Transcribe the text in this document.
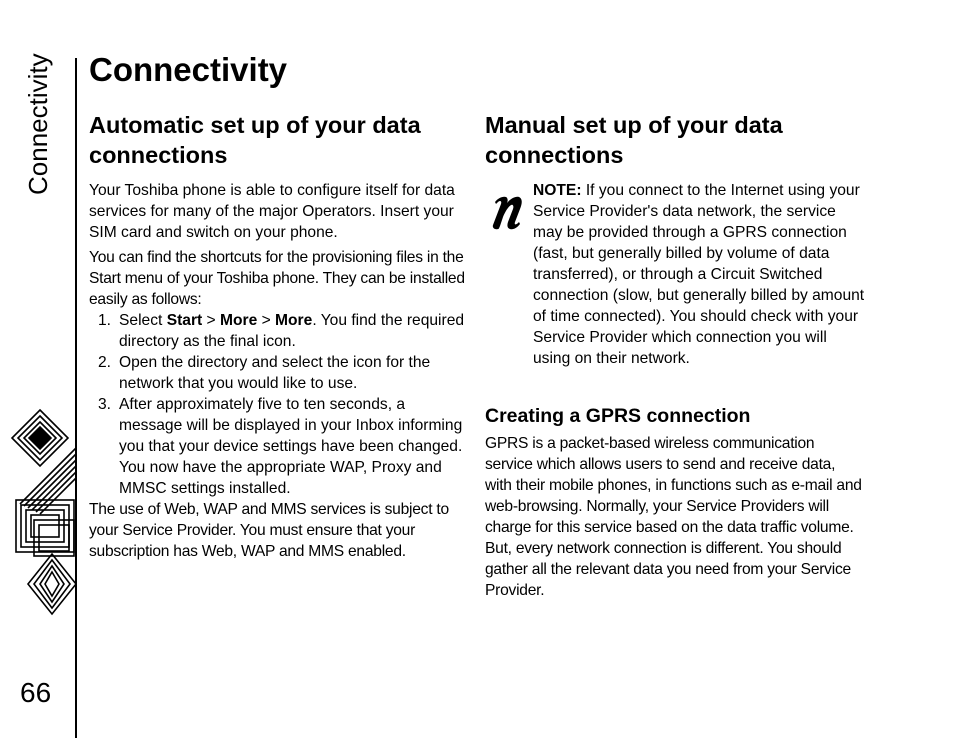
Connectivity
66
Connectivity
Automatic set up of your data connections

Your Toshiba phone is able to configure itself for data services for many of the major Operators. Insert your SIM card and switch on your phone.

You can find the shortcuts for the provisioning files in the Start menu of your Toshiba phone. They can be installed easily as follows:

1. Select Start > More > More. You find the required directory as the final icon.
2. Open the directory and select the icon for the network that you would like to use.
3. After approximately five to ten seconds, a message will be displayed in your Inbox informing you that your device settings have been changed. You now have the appropriate WAP, Proxy and MMSC settings installed.

The use of Web, WAP and MMS services is subject to your Service Provider. You must ensure that your subscription has Web, WAP and MMS enabled.

Manual set up of your data connections

NOTE: If you connect to the Internet using your Service Provider's data network, the service may be provided through a GPRS connection (fast, but generally billed by volume of data transferred), or through a Circuit Switched connection (slow, but generally billed by amount of time connected). You should check with your Service Provider which connection you will using on their network.

Creating a GPRS connection

GPRS is a packet-based wireless communication service which allows users to send and receive data, with their mobile phones, in functions such as e-mail and web-browsing. Normally, your Service Providers will charge for this service based on the data traffic volume. But, every network connection is different. You should gather all the relevant data you need from your Service Provider.
